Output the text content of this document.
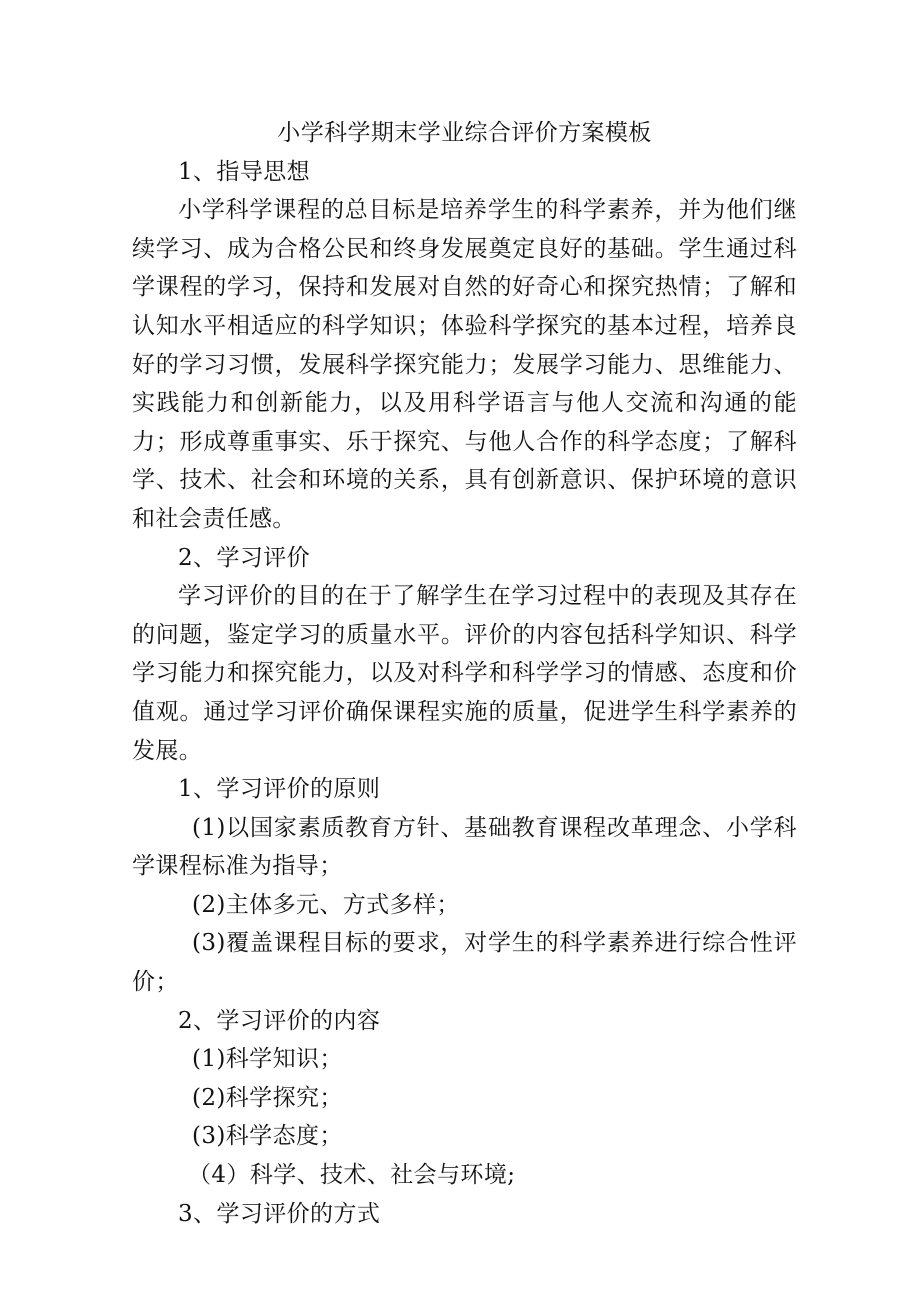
小学科学期末学业综合评价方案模板

1、指导思想

小学科学课程的总目标是培养学生的科学素养，并为他们继续学习、成为合格公民和终身发展奠定良好的基础。学生通过科学课程的学习，保持和发展对自然的好奇心和探究热情；了解和认知水平相适应的科学知识；体验科学探究的基本过程，培养良好的学习习惯，发展科学探究能力；发展学习能力、思维能力、实践能力和创新能力，以及用科学语言与他人交流和沟通的能力；形成尊重事实、乐于探究、与他人合作的科学态度；了解科学、技术、社会和环境的关系，具有创新意识、保护环境的意识和社会责任感。

2、学习评价

学习评价的目的在于了解学生在学习过程中的表现及其存在的问题，鉴定学习的质量水平。评价的内容包括科学知识、科学学习能力和探究能力，以及对科学和科学学习的情感、态度和价值观。通过学习评价确保课程实施的质量，促进学生科学素养的发展。

1、学习评价的原则

(1)以国家素质教育方针、基础教育课程改革理念、小学科学课程标准为指导；

(2)主体多元、方式多样；

(3)覆盖课程目标的要求，对学生的科学素养进行综合性评价；

2、学习评价的内容

(1)科学知识；

(2)科学探究；

(3)科学态度；

（4）科学、技术、社会与环境;

3、学习评价的方式
